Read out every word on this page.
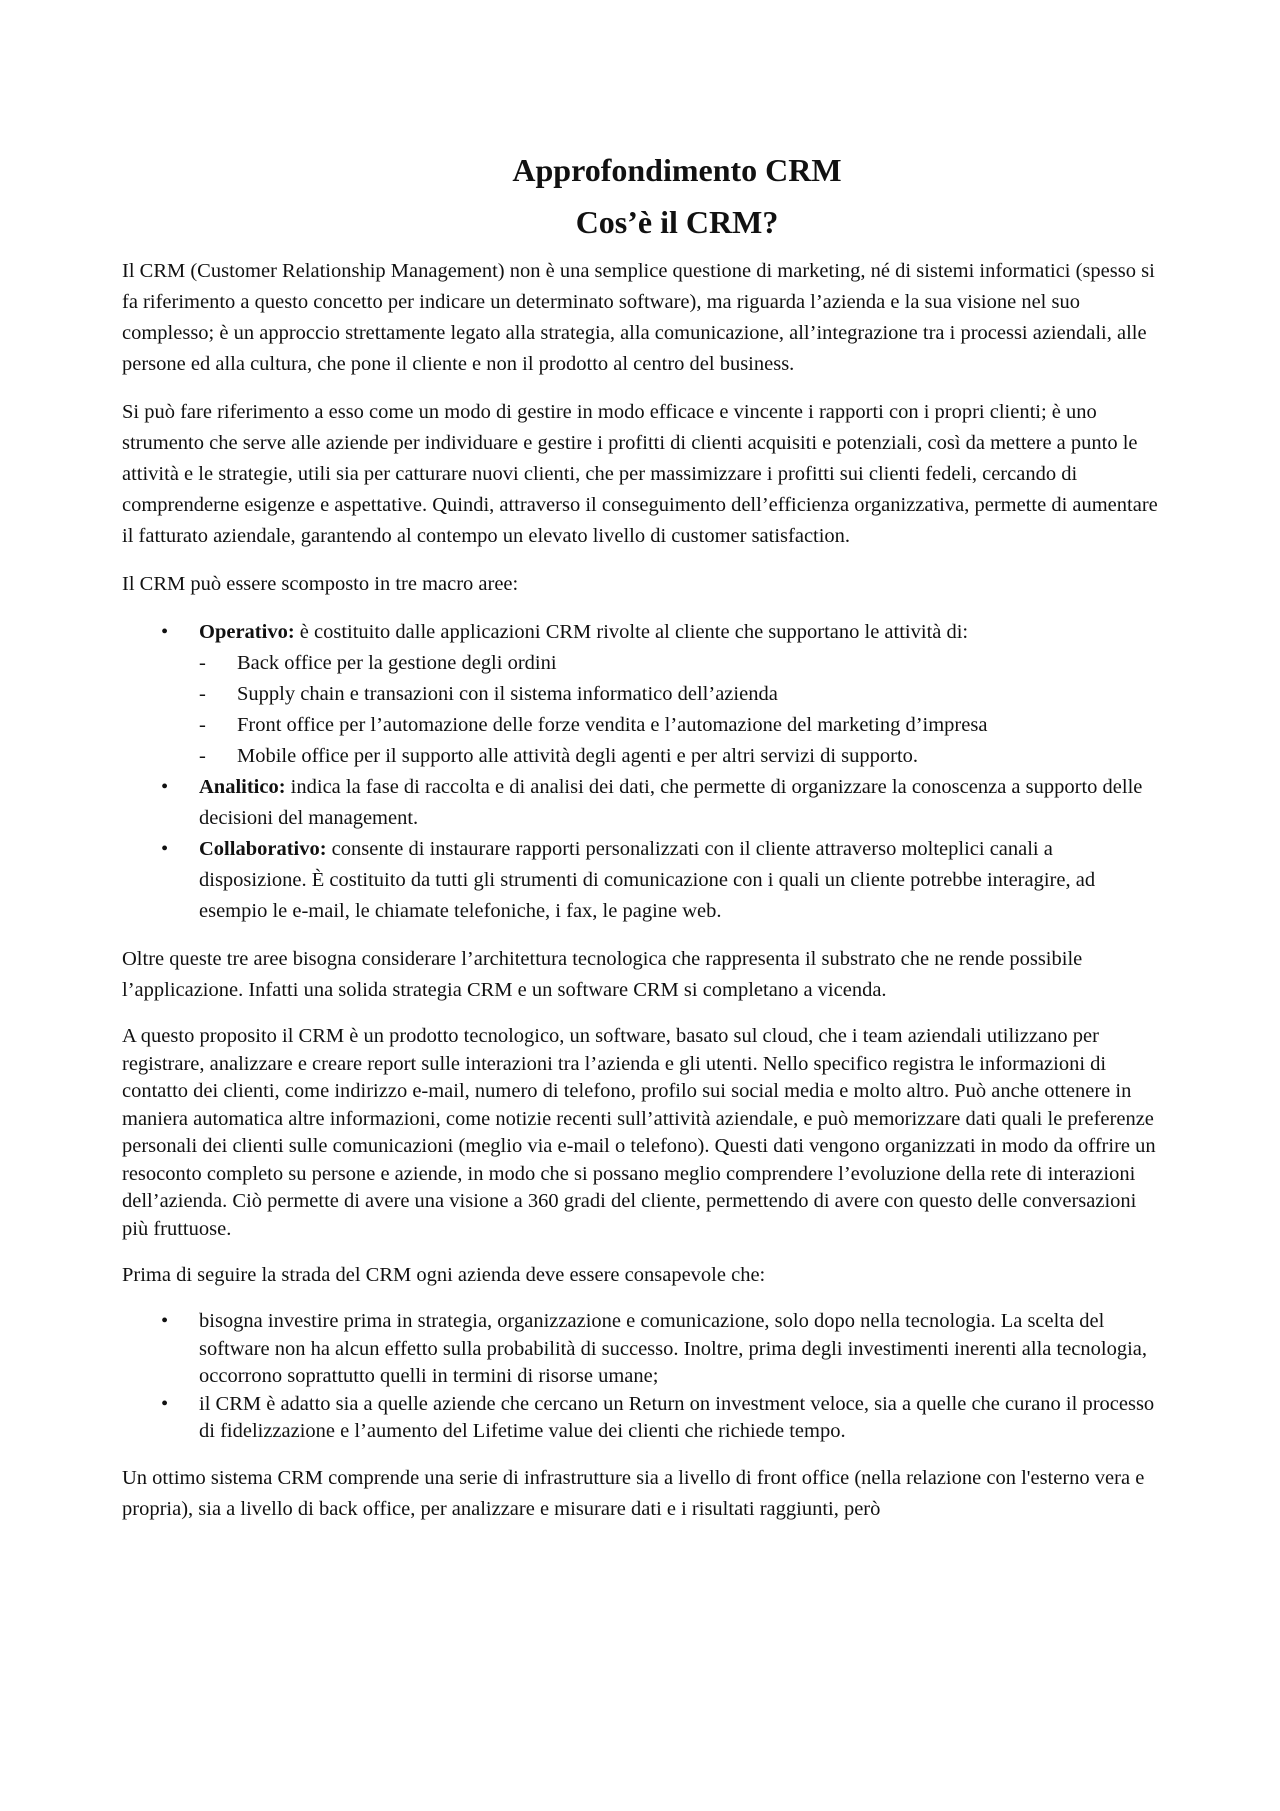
Approfondimento CRM
Cos’è il CRM?

Il CRM (Customer Relationship Management) non è una semplice questione di marketing, né di sistemi informatici (spesso si fa riferimento a questo concetto per indicare un determinato software), ma riguarda l’azienda e la sua visione nel suo complesso; è un approccio strettamente legato alla strategia, alla comunicazione, all’integrazione tra i processi aziendali, alle persone ed alla cultura, che pone il cliente e non il prodotto al centro del business.

Si può fare riferimento a esso come un modo di gestire in modo efficace e vincente i rapporti con i propri clienti; è uno strumento che serve alle aziende per individuare e gestire i profitti di clienti acquisiti e potenziali, così da mettere a punto le attività e le strategie, utili sia per catturare nuovi clienti, che per massimizzare i profitti sui clienti fedeli, cercando di comprenderne esigenze e aspettative. Quindi, attraverso il conseguimento dell’efficienza organizzativa, permette di aumentare il fatturato aziendale, garantendo al contempo un elevato livello di customer satisfaction.

Il CRM può essere scomposto in tre macro aree:

• Operativo: è costituito dalle applicazioni CRM rivolte al cliente che supportano le attività di:
- Back office per la gestione degli ordini
- Supply chain e transazioni con il sistema informatico dell’azienda
- Front office per l’automazione delle forze vendita e l’automazione del marketing d’impresa
- Mobile office per il supporto alle attività degli agenti e per altri servizi di supporto.
• Analitico: indica la fase di raccolta e di analisi dei dati, che permette di organizzare la conoscenza a supporto delle decisioni del management.
• Collaborativo: consente di instaurare rapporti personalizzati con il cliente attraverso molteplici canali a disposizione. È costituito da tutti gli strumenti di comunicazione con i quali un cliente potrebbe interagire, ad esempio le e-mail, le chiamate telefoniche, i fax, le pagine web.

Oltre queste tre aree bisogna considerare l’architettura tecnologica che rappresenta il substrato che ne rende possibile l’applicazione. Infatti una solida strategia CRM e un software CRM si completano a vicenda.

A questo proposito il CRM è un prodotto tecnologico, un software, basato sul cloud, che i team aziendali utilizzano per registrare, analizzare e creare report sulle interazioni tra l’azienda e gli utenti. Nello specifico registra le informazioni di contatto dei clienti, come indirizzo e-mail, numero di telefono, profilo sui social media e molto altro. Può anche ottenere in maniera automatica altre informazioni, come notizie recenti sull’attività aziendale, e può memorizzare dati quali le preferenze personali dei clienti sulle comunicazioni (meglio via e-mail o telefono). Questi dati vengono organizzati in modo da offrire un resoconto completo su persone e aziende, in modo che si possano meglio comprendere l’evoluzione della rete di interazioni dell’azienda. Ciò permette di avere una visione a 360 gradi del cliente, permettendo di avere con questo delle conversazioni più fruttuose.

Prima di seguire la strada del CRM ogni azienda deve essere consapevole che:

• bisogna investire prima in strategia, organizzazione e comunicazione, solo dopo nella tecnologia. La scelta del software non ha alcun effetto sulla probabilità di successo. Inoltre, prima degli investimenti inerenti alla tecnologia, occorrono soprattutto quelli in termini di risorse umane;
• il CRM è adatto sia a quelle aziende che cercano un Return on investment veloce, sia a quelle che curano il processo di fidelizzazione e l’aumento del Lifetime value dei clienti che richiede tempo.

Un ottimo sistema CRM comprende una serie di infrastrutture sia a livello di front office (nella relazione con l'esterno vera e propria), sia a livello di back office, per analizzare e misurare dati e i risultati raggiunti, però
